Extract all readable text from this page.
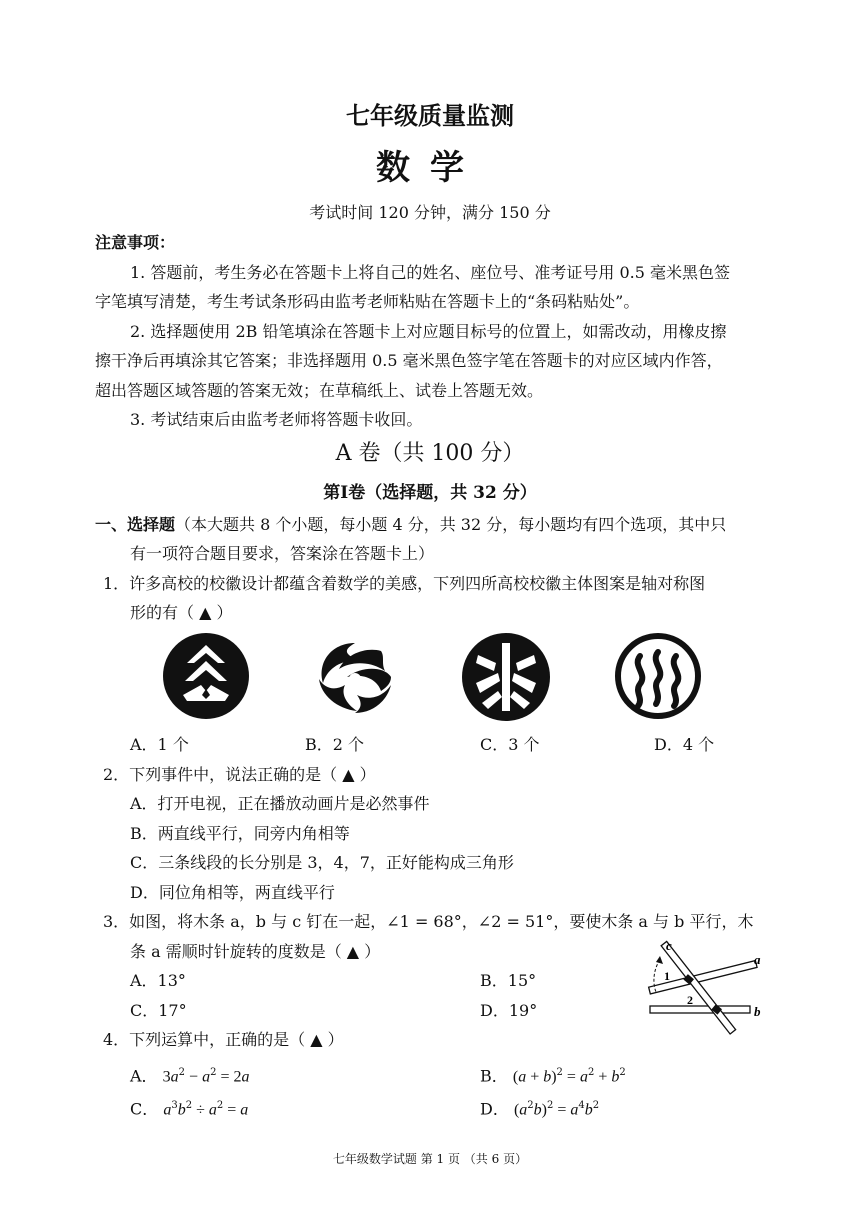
七年级质量监测
数学
考试时间 120 分钟，满分 150 分
注意事项：
1. 答题前，考生务必在答题卡上将自己的姓名、座位号、准考证号用 0.5 毫米黑色签
字笔填写清楚，考生考试条形码由监考老师粘贴在答题卡上的“条码粘贴处”。
2. 选择题使用 2B 铅笔填涂在答题卡上对应题目标号的位置上，如需改动，用橡皮擦
擦干净后再填涂其它答案；非选择题用 0.5 毫米黑色签字笔在答题卡的对应区域内作答，
超出答题区域答题的答案无效；在草稿纸上、试卷上答题无效。
3. 考试结束后由监考老师将答题卡收回。
A 卷（共 100 分）
第Ⅰ卷（选择题，共 32 分）
一、选择题（本大题共 8 个小题，每小题 4 分，共 32 分，每小题均有四个选项，其中只
有一项符合题目要求，答案涂在答题卡上）
1．许多高校的校徽设计都蕴含着数学的美感，下列四所高校校徽主体图案是轴对称图
形的有（ ▲ ）
A．1 个	B．2 个	C．3 个	D．4 个
2．下列事件中，说法正确的是（ ▲ ）
A．打开电视，正在播放动画片是必然事件
B．两直线平行，同旁内角相等
C．三条线段的长分别是 3，4，7，正好能构成三角形
D．同位角相等，两直线平行
3．如图，将木条 a，b 与 c 钉在一起，∠1 = 68°，∠2 = 51°，要使木条 a 与 b 平行，木
条 a 需顺时针旋转的度数是（ ▲ ）
A．13°	B．15°
C．17°	D．19°
c
a
b
1
2
4．下列运算中，正确的是（ ▲ ）
A． $3a^2 - a^2 = 2a$	B． $(a + b)^2 = a^2 + b^2$
C． $a^3b^2 \div a^2 = a$	D． $(a^2b)^2 = a^4b^2$
七年级数学试题 第 1 页 （共 6 页）
